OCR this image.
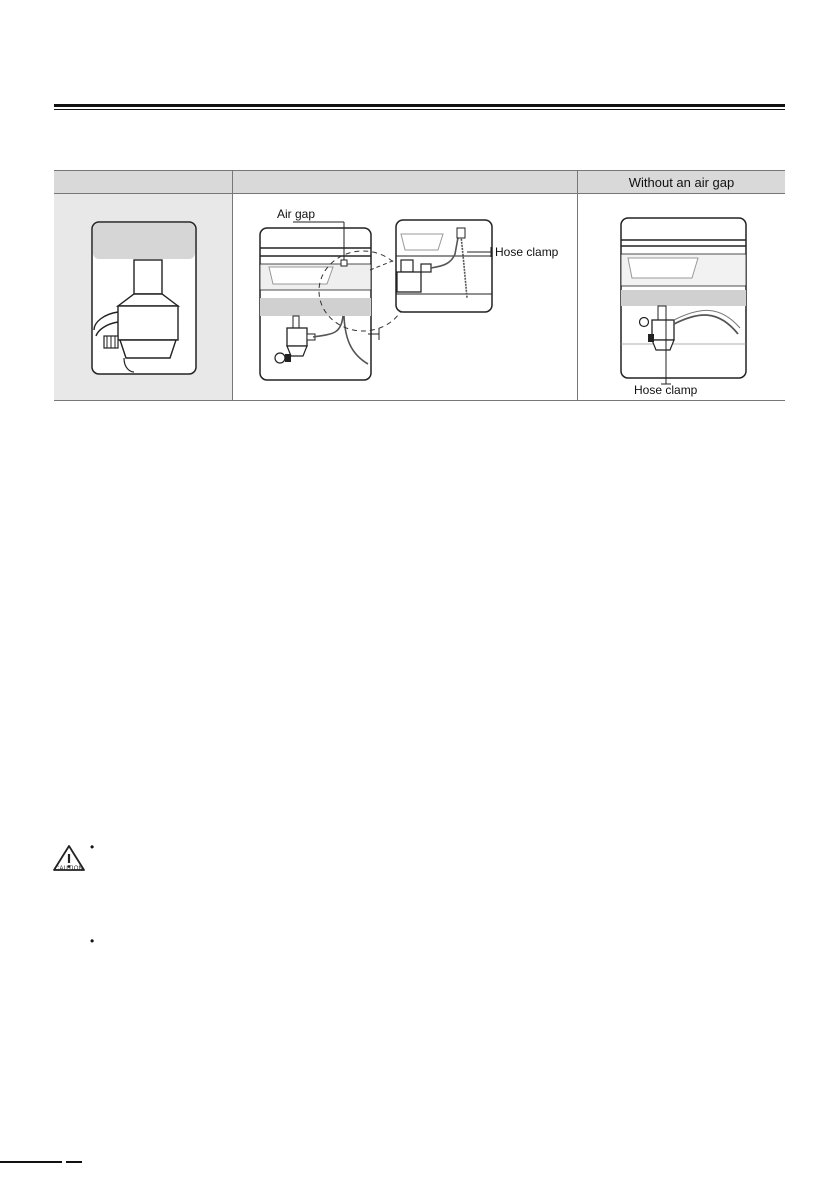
Without an air gap
Air gap
Hose clamp
Hose clamp
CAUTION
•
•
